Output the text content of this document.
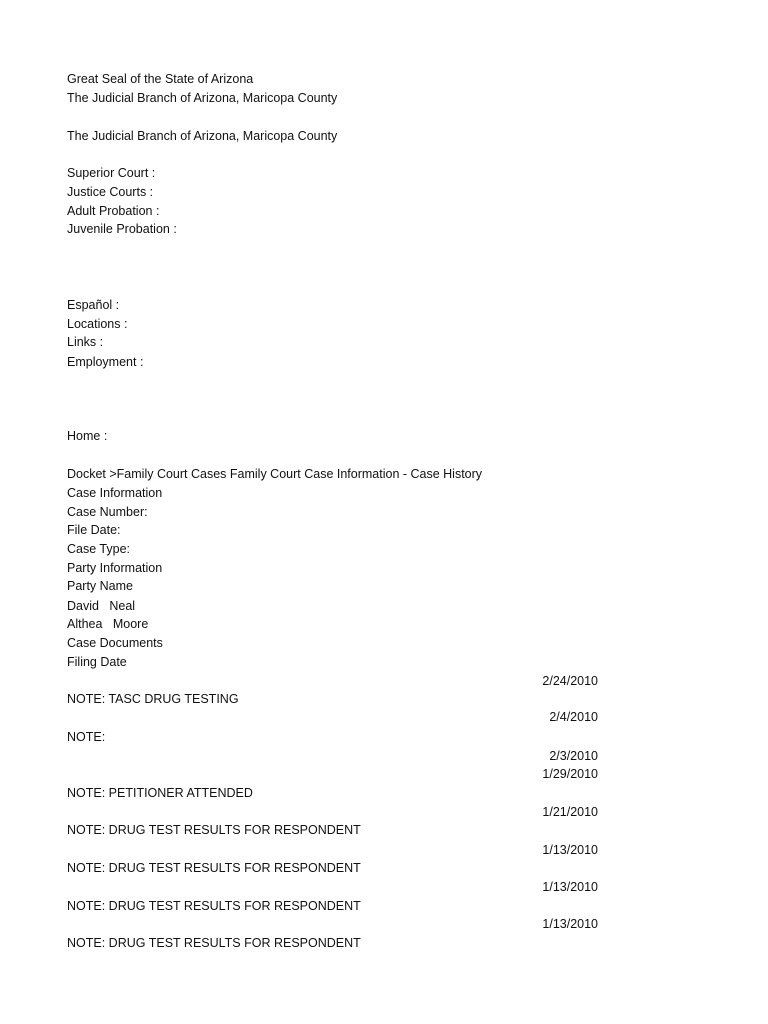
Great Seal of the State of Arizona
The Judicial Branch of Arizona, Maricopa County
The Judicial Branch of Arizona, Maricopa County
Superior Court :
Justice Courts :
Adult Probation :
Juvenile Probation :
Español :
Locations :
Links :
Employment :
Home :
Docket >Family Court Cases Family Court Case Information - Case History
Case Information
Case Number:
File Date:
Case Type:
Party Information
Party Name
David   Neal
Althea   Moore
Case Documents
Filing Date
2/24/2010
NOTE: TASC DRUG TESTING
2/4/2010
NOTE:
2/3/2010
1/29/2010
NOTE: PETITIONER ATTENDED
1/21/2010
NOTE: DRUG TEST RESULTS FOR RESPONDENT
1/13/2010
NOTE: DRUG TEST RESULTS FOR RESPONDENT
1/13/2010
NOTE: DRUG TEST RESULTS FOR RESPONDENT
1/13/2010
NOTE: DRUG TEST RESULTS FOR RESPONDENT
